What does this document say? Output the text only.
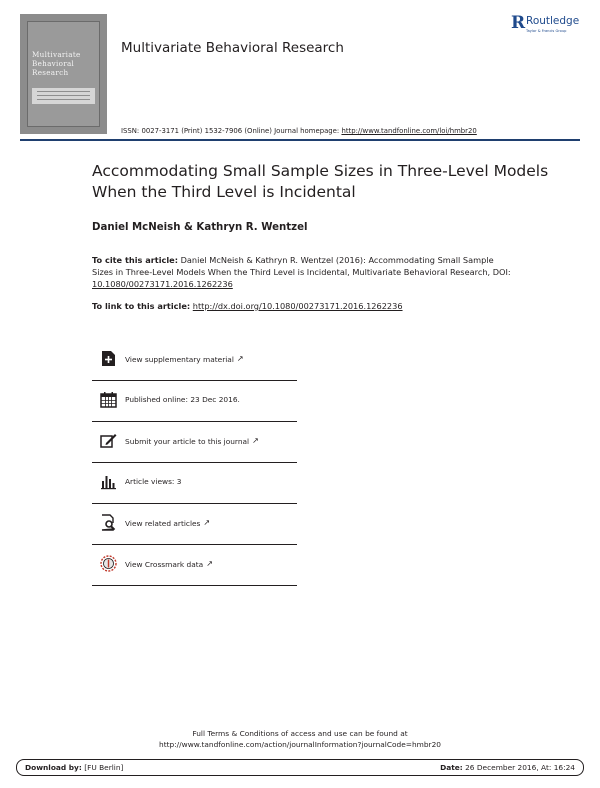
Multivariate
Behavioral
Research
Multivariate Behavioral Research
R Routledge
Taylor & Francis Group
ISSN: 0027-3171 (Print) 1532-7906 (Online) Journal homepage: http://www.tandfonline.com/loi/hmbr20
Accommodating Small Sample Sizes in Three-Level Models When the Third Level is Incidental
Daniel McNeish & Kathryn R. Wentzel
To cite this article: Daniel McNeish & Kathryn R. Wentzel (2016): Accommodating Small Sample Sizes in Three-Level Models When the Third Level is Incidental, Multivariate Behavioral Research, DOI: 10.1080/00273171.2016.1262236
To link to this article: http://dx.doi.org/10.1080/00273171.2016.1262236
View supplementary material ↗
Published online: 23 Dec 2016.
Submit your article to this journal ↗
Article views: 3
View related articles ↗
View Crossmark data ↗
Full Terms & Conditions of access and use can be found at
http://www.tandfonline.com/action/journalInformation?journalCode=hmbr20
Download by: [FU Berlin]	Date: 26 December 2016, At: 16:24
